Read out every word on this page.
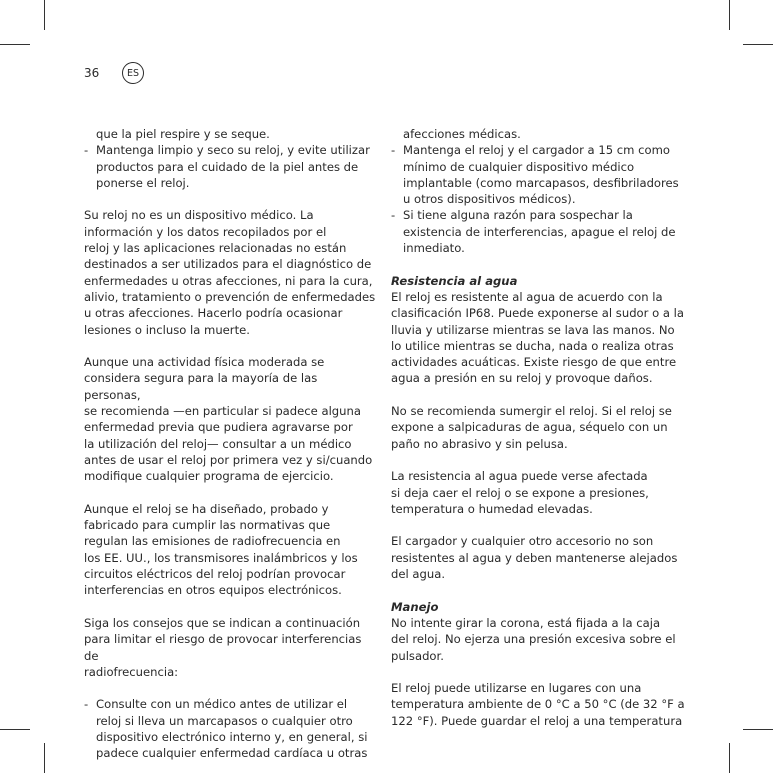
36	ES

que la piel respire y se seque.

- Mantenga limpio y seco su reloj, y evite utilizar
productos para el cuidado de la piel antes de
ponerse el reloj.

Su reloj no es un dispositivo médico. La
información y los datos recopilados por el
reloj y las aplicaciones relacionadas no están
destinados a ser utilizados para el diagnóstico de
enfermedades u otras afecciones, ni para la cura,
alivio, tratamiento o prevención de enfermedades
u otras afecciones. Hacerlo podría ocasionar
lesiones o incluso la muerte.

Aunque una actividad física moderada se
considera segura para la mayoría de las personas,
se recomienda —en particular si padece alguna
enfermedad previa que pudiera agravarse por
la utilización del reloj— consultar a un médico
antes de usar el reloj por primera vez y si/cuando
modifique cualquier programa de ejercicio.

Aunque el reloj se ha diseñado, probado y
fabricado para cumplir las normativas que
regulan las emisiones de radiofrecuencia en
los EE. UU., los transmisores inalámbricos y los
circuitos eléctricos del reloj podrían provocar
interferencias en otros equipos electrónicos.

Siga los consejos que se indican a continuación
para limitar el riesgo de provocar interferencias de
radiofrecuencia:

- Consulte con un médico antes de utilizar el
reloj si lleva un marcapasos o cualquier otro
dispositivo electrónico interno y, en general, si
padece cualquier enfermedad cardíaca u otras

afecciones médicas.

- Mantenga el reloj y el cargador a 15 cm como
mínimo de cualquier dispositivo médico
implantable (como marcapasos, desfibriladores
u otros dispositivos médicos).
- Si tiene alguna razón para sospechar la
existencia de interferencias, apague el reloj de
inmediato.

Resistencia al agua

El reloj es resistente al agua de acuerdo con la
clasificación IP68. Puede exponerse al sudor o a la
lluvia y utilizarse mientras se lava las manos. No
lo utilice mientras se ducha, nada o realiza otras
actividades acuáticas. Existe riesgo de que entre
agua a presión en su reloj y provoque daños.

No se recomienda sumergir el reloj. Si el reloj se
expone a salpicaduras de agua, séquelo con un
paño no abrasivo y sin pelusa.

La resistencia al agua puede verse afectada
si deja caer el reloj o se expone a presiones,
temperatura o humedad elevadas.

El cargador y cualquier otro accesorio no son
resistentes al agua y deben mantenerse alejados
del agua.

Manejo

No intente girar la corona, está fijada a la caja
del reloj. No ejerza una presión excesiva sobre el
pulsador.

El reloj puede utilizarse en lugares con una
temperatura ambiente de 0 °C a 50 °C (de 32 °F a
122 °F). Puede guardar el reloj a una temperatura
